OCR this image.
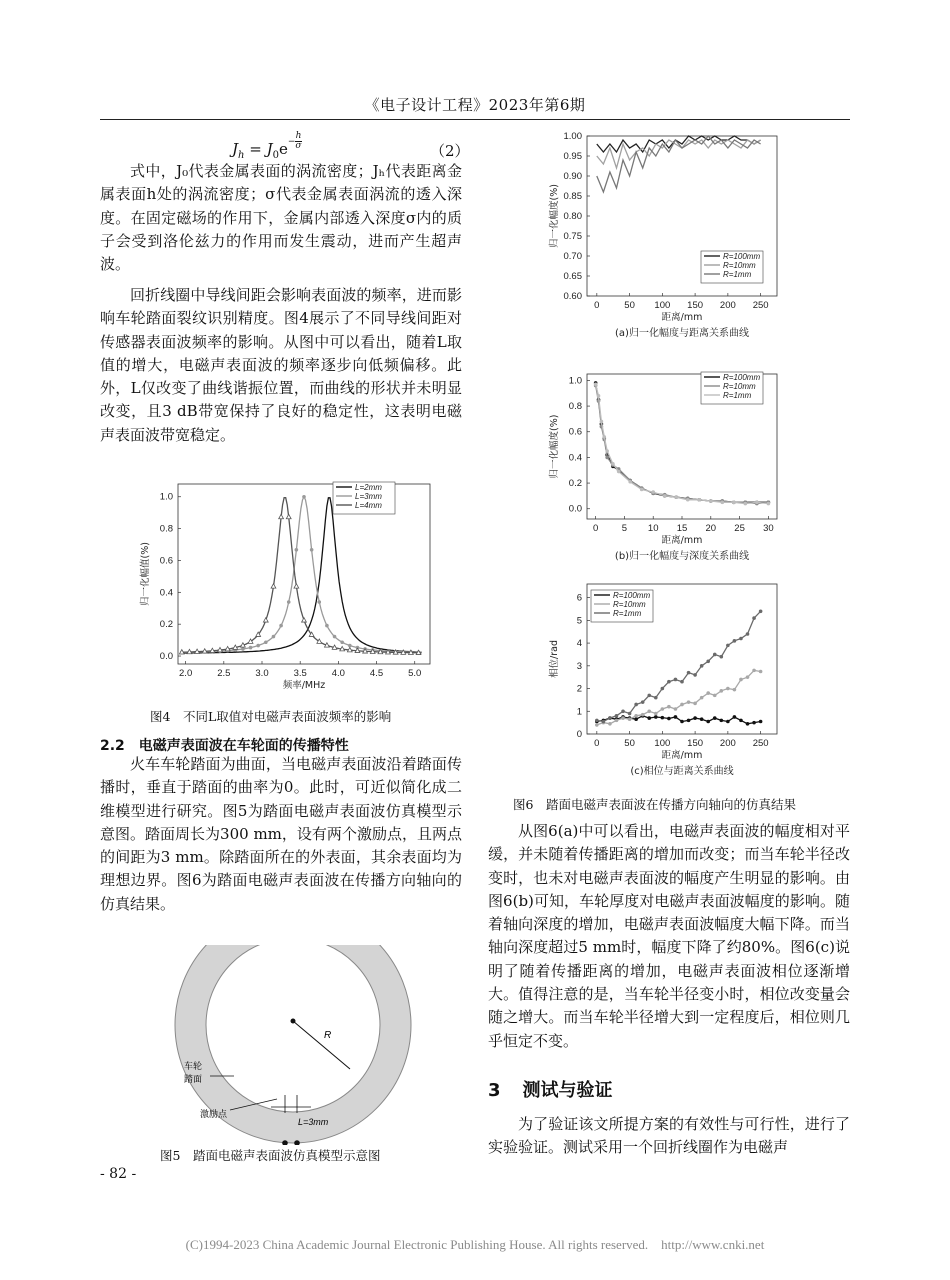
《电子设计工程》2023年第6期
$J_h = J_0e^{- \frac{h}{\sigma}}$	（2）

式中，J₀代表金属表面的涡流密度；Jₕ代表距离金属表面h处的涡流密度；σ代表金属表面涡流的透入深度。在固定磁场的作用下，金属内部透入深度σ内的质子会受到洛伦兹力的作用而发生震动，进而产生超声波。

回折线圈中导线间距会影响表面波的频率，进而影响车轮踏面裂纹识别精度。图4展示了不同导线间距对传感器表面波频率的影响。从图中可以看出，随着L取值的增大，电磁声表面波的频率逐步向低频偏移。此外，L仅改变了曲线谐振位置，而曲线的形状并未明显改变，且3 dB带宽保持了良好的稳定性，这表明电磁声表面波带宽稳定。

2.0	2.5	3.0	3.5	4.0	4.5	5.0
0.0
0.2
0.4
0.6
0.8
1.0
频率/MHz
归一化幅值(%)
L=2mm
L=3mm
L=4mm
图4　不同L取值对电磁声表面波频率的影响
2.2　电磁声表面波在车轮面的传播特性

火车车轮踏面为曲面，当电磁声表面波沿着踏面传播时，垂直于踏面的曲率为0。此时，可近似简化成二维模型进行研究。图5为踏面电磁声表面波仿真模型示意图。踏面周长为300 mm，设有两个激励点，且两点的间距为3 mm。除踏面所在的外表面，其余表面均为理想边界。图6为踏面电磁声表面波在传播方向轴向的仿真结果。

R
车轮
踏面
激励点
L=3mm
图5　踏面电磁声表面波仿真模型示意图
- 82 -
0	50 100 150 200 250
0.60
0.65
0.70
0.75
0.80
0.85
0.90
0.95
1.00
距离/mm
归一化幅度(%)
(a)归一化幅度与距离关系曲线
R=100mm
R=10mm
R=1mm
0 5 10 15 20 25 30
0.0
0.2
0.4
0.6
0.8
1.0
距离/mm
归一化幅度(%)
(b)归一化幅度与深度关系曲线
R=100mm
R=10mm
R=1mm
0	50 100 150 200 250
0
1
2
3
4
5
6
距离/mm
相位/rad
(c)相位与距离关系曲线
R=100mm
R=10mm
R=1mm
图6　踏面电磁声表面波在传播方向轴向的仿真结果

从图6(a)中可以看出，电磁声表面波的幅度相对平缓，并未随着传播距离的增加而改变；而当车轮半径改变时，也未对电磁声表面波的幅度产生明显的影响。由图6(b)可知，车轮厚度对电磁声表面波幅度的影响。随着轴向深度的增加，电磁声表面波幅度大幅下降。而当轴向深度超过5 mm时，幅度下降了约80%。图6(c)说明了随着传播距离的增加，电磁声表面波相位逐渐增大。值得注意的是，当车轮半径变小时，相位改变量会随之增大。而当车轮半径增大到一定程度后，相位则几乎恒定不变。

3 测试与验证

为了验证该文所提方案的有效性与可行性，进行了实验验证。测试采用一个回折线圈作为电磁声

(C)1994-2023 China Academic Journal Electronic Publishing House. All rights reserved. http://www.cnki.net
